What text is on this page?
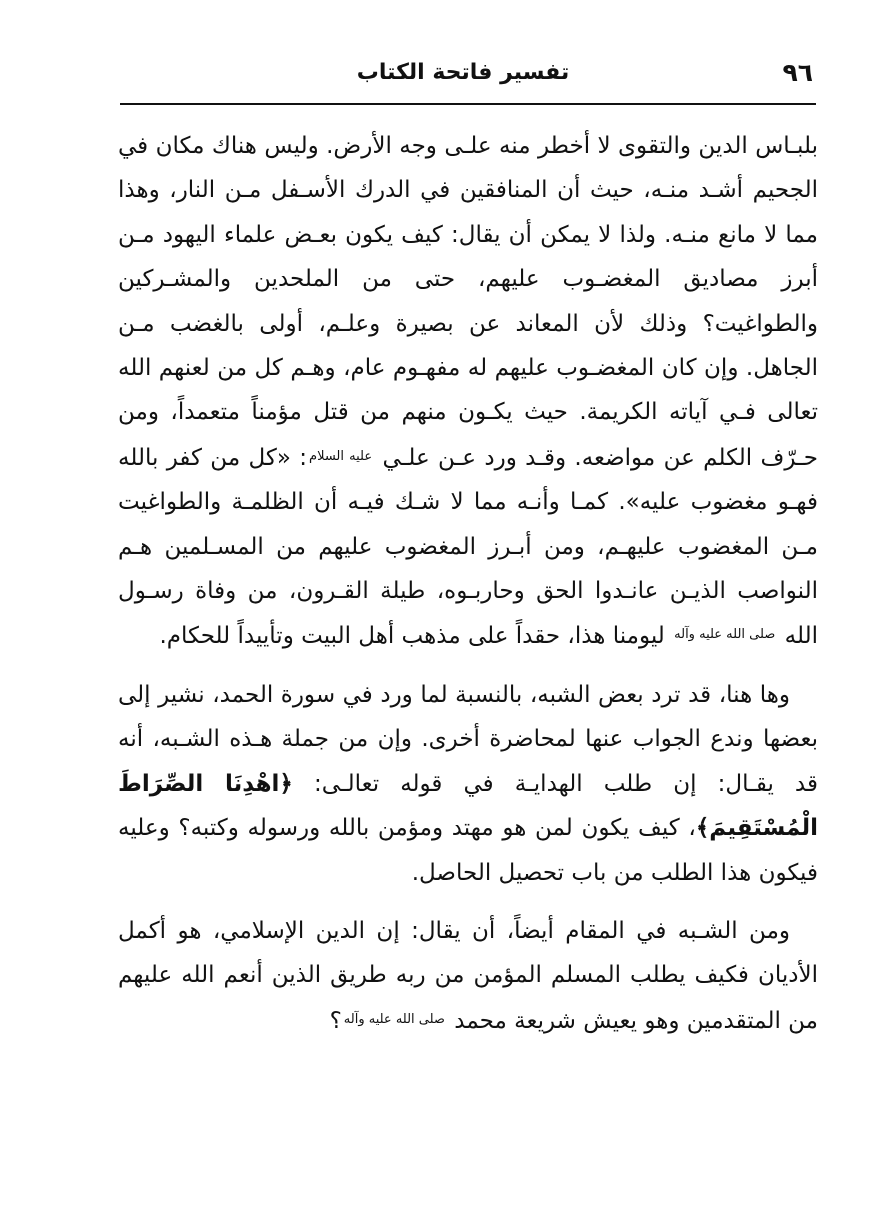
٩٦
تفسير فاتحة الكتاب

بلبـاس الدين والتقوى لا أخطر منه علـى وجه الأرض. وليس هناك مكان في الجحيم أشـد منـه، حيث أن المنافقين في الدرك الأسـفل مـن النار، وهذا مما لا مانع منـه. ولذا لا يمكن أن يقال: كيف يكون بعـض علماء اليهود مـن أبرز مصاديق المغضـوب عليهم، حتى من الملحدين والمشـركين والطواغيت؟ وذلك لأن المعاند عن بصيرة وعلـم، أولى بالغضب مـن الجاهل. وإن كان المغضـوب عليهم له مفهـوم عام، وهـم كل من لعنهم الله تعالى فـي آياته الكريمة. حيث يكـون منهم من قتل مؤمناً متعمداً، ومن حـرّف الكلم عن مواضعه. وقـد ورد عـن علـي $^{عليه السلام}$: «كل من كفر بالله فهـو مغضوب عليه». كمـا وأنـه مما لا شـك فيـه أن الظلمـة والطواغيت مـن المغضوب عليهـم، ومن أبـرز المغضوب عليهم من المسـلمين هـم النواصب الذيـن عانـدوا الحق وحاربـوه، طيلة القـرون، من وفاة رسـول الله $^{صلى الله عليه وآله}$ ليومنا هذا، حقداً على مذهب أهل البيت وتأييداً للحكام.

وها هنا، قد ترد بعض الشبه، بالنسبة لما ورد في سورة الحمد، نشير إلى بعضها وندع الجواب عنها لمحاضرة أخرى. وإن من جملة هـذه الشـبه، أنه قد يقـال: إن طلب الهدايـة في قوله تعالـى: ﴿اهْدِنَا الصِّرَاطَ الْمُسْتَقِيمَ﴾، كيف يكون لمن هو مهتد ومؤمن بالله ورسوله وكتبه؟ وعليه فيكون هذا الطلب من باب تحصيل الحاصل.

ومن الشـبه في المقام أيضاً، أن يقال: إن الدين الإسلامي، هو أكمل الأديان فكيف يطلب المسلم المؤمن من ربه طريق الذين أنعم الله عليهم من المتقدمين وهو يعيش شريعة محمد $^{صلى الله عليه وآله}$؟
